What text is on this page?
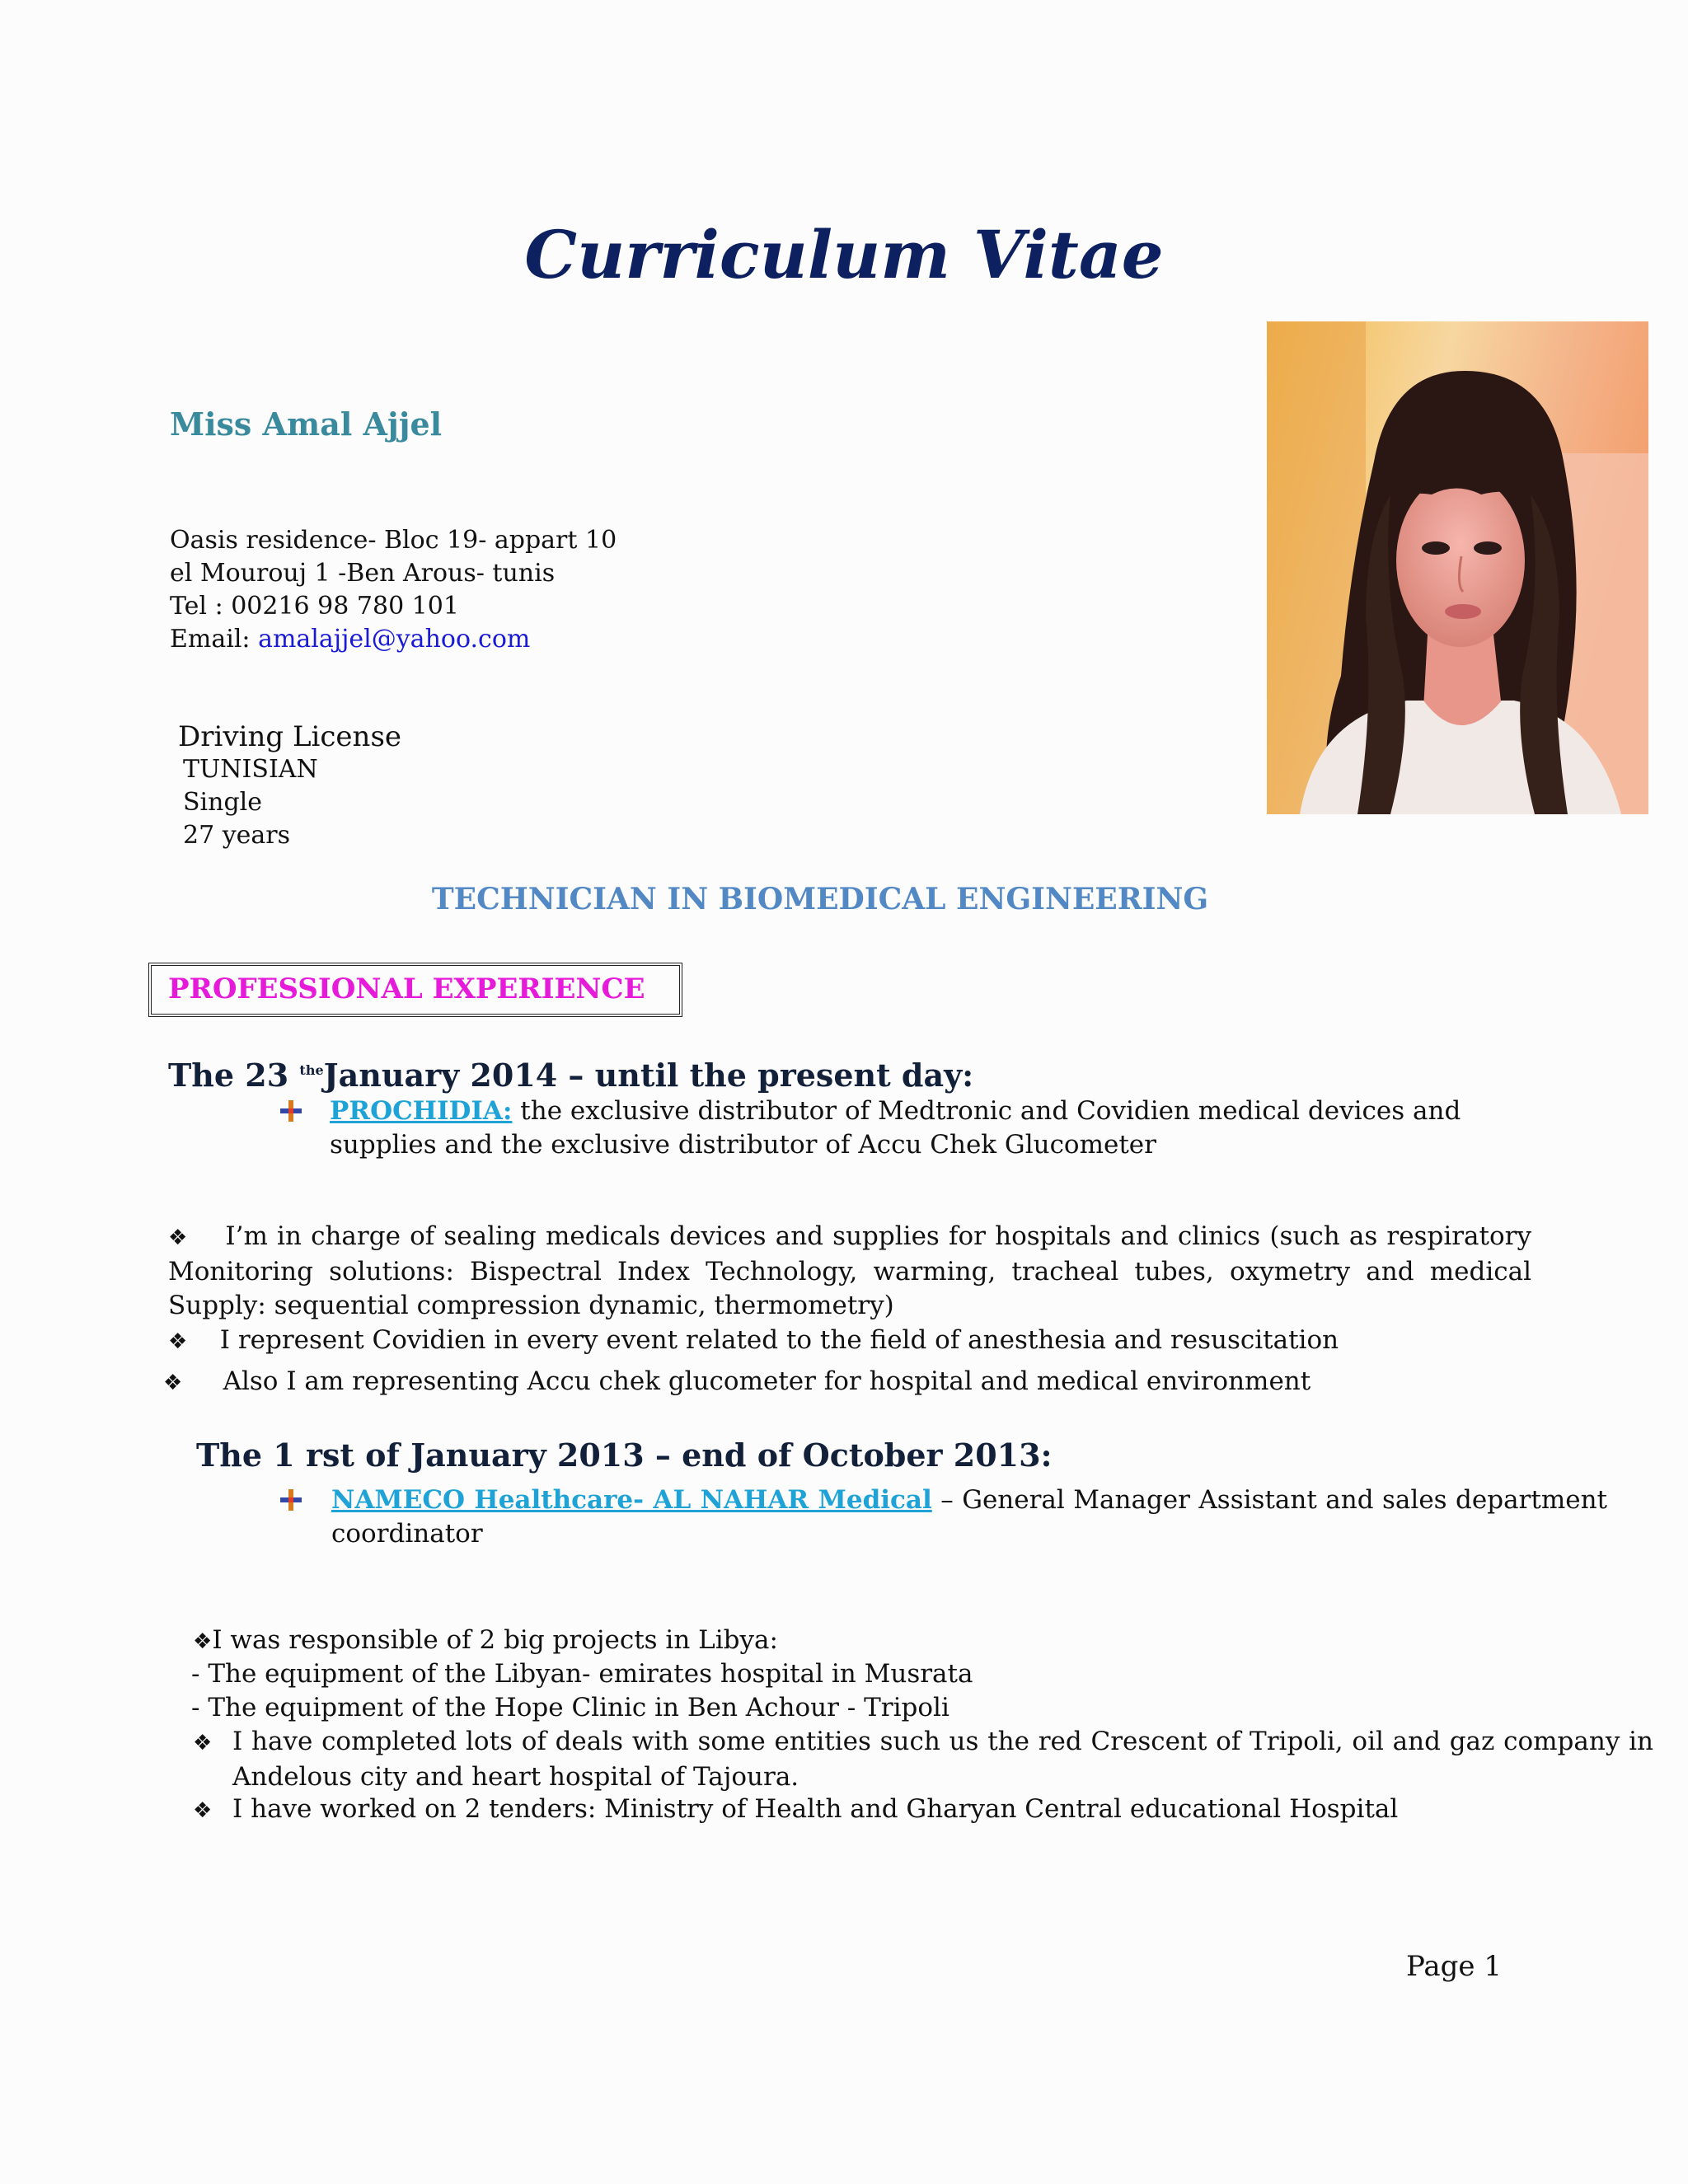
Curriculum Vitae
Miss Amal Ajjel
Oasis residence- Bloc 19- appart 10
el Mourouj 1 -Ben Arous- tunis
Tel : 00216 98 780 101
Email: amalajjel@yahoo.com
Driving License
TUNISIAN
Single
27 years
TECHNICIAN IN BIOMEDICAL ENGINEERING
PROFESSIONAL EXPERIENCE
The 23 $^{the}$January 2014 – until the present day:
PROCHIDIA: the exclusive distributor of Medtronic and Covidien medical devices and supplies and the exclusive distributor of Accu Chek Glucometer
❖ I’m in charge of sealing medicals devices and supplies for hospitals and clinics (such as respiratory Monitoring solutions: Bispectral Index Technology, warming, tracheal tubes, oxymetry and medical Supply: sequential compression dynamic, thermometry)
❖ I represent Covidien in every event related to the field of anesthesia and resuscitation
❖ Also I am representing Accu chek glucometer for hospital and medical environment
The 1 rst of January 2013 – end of October 2013:
NAMECO Healthcare- AL NAHAR Medical – General Manager Assistant and sales department coordinator
❖I was responsible of 2 big projects in Libya:
- The equipment of the Libyan- emirates hospital in Musrata
- The equipment of the Hope Clinic in Ben Achour - Tripoli
❖ I have completed lots of deals with some entities such us the red Crescent of Tripoli, oil and gaz company in Andelous city and heart hospital of Tajoura.
❖ I have worked on 2 tenders: Ministry of Health and Gharyan Central educational Hospital
Page 1
